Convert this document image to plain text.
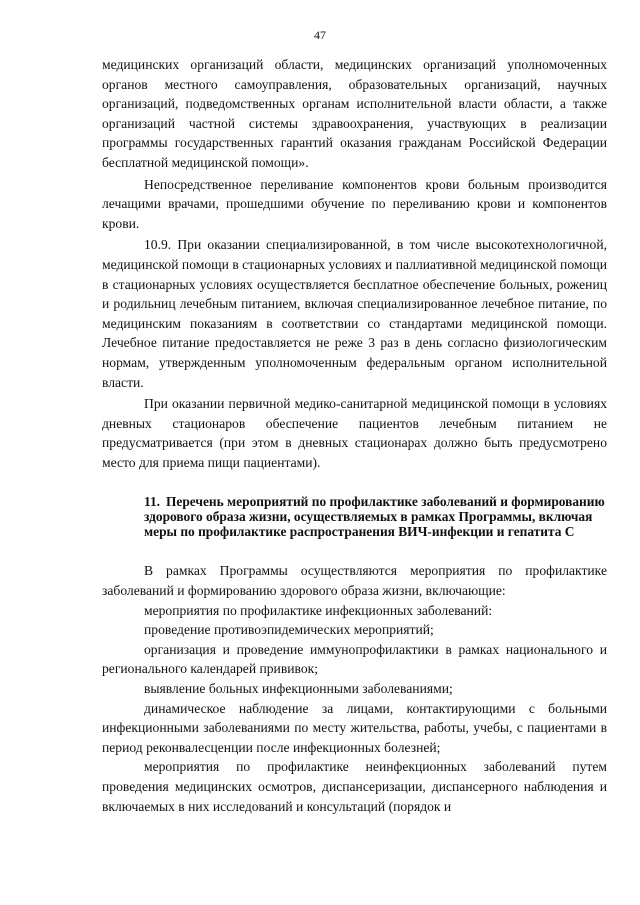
47

медицинских организаций области, медицинских организаций уполномоченных органов местного самоуправления, образовательных организаций, научных организаций, подведомственных органам исполнительной власти области, а также организаций частной системы здравоохранения, участвующих в реализации программы государственных гарантий оказания гражданам Российской Федерации бесплатной медицинской помощи».

Непосредственное переливание компонентов крови больным производится лечащими врачами, прошедшими обучение по переливанию крови и компонентов крови.

10.9. При оказании специализированной, в том числе высокотехнологичной, медицинской помощи в стационарных условиях и паллиативной медицинской помощи в стационарных условиях осуществляется бесплатное обеспечение больных, рожениц и родильниц лечебным питанием, включая специализированное лечебное питание, по медицинским показаниям в соответствии со стандартами медицинской помощи. Лечебное питание предоставляется не реже 3 раз в день согласно физиологическим нормам, утвержденным уполномоченным федеральным органом исполнительной власти.

При оказании первичной медико-санитарной медицинской помощи в условиях дневных стационаров обеспечение пациентов лечебным питанием не предусматривается (при этом в дневных стационарах должно быть предусмотрено место для приема пищи пациентами).

11. Перечень мероприятий по профилактике заболеваний и формированию здорового образа жизни, осуществляемых в рамках Программы, включая меры по профилактике распространения ВИЧ-инфекции и гепатита С

В рамках Программы осуществляются мероприятия по профилактике заболеваний и формированию здорового образа жизни, включающие:

мероприятия по профилактике инфекционных заболеваний:

проведение противоэпидемических мероприятий;

организация и проведение иммунопрофилактики в рамках национального и регионального календарей прививок;

выявление больных инфекционными заболеваниями;

динамическое наблюдение за лицами, контактирующими с больными инфекционными заболеваниями по месту жительства, работы, учебы, с пациентами в период реконвалесценции после инфекционных болезней;

мероприятия по профилактике неинфекционных заболеваний путем проведения медицинских осмотров, диспансеризации, диспансерного наблюдения и включаемых в них исследований и консультаций (порядок и
